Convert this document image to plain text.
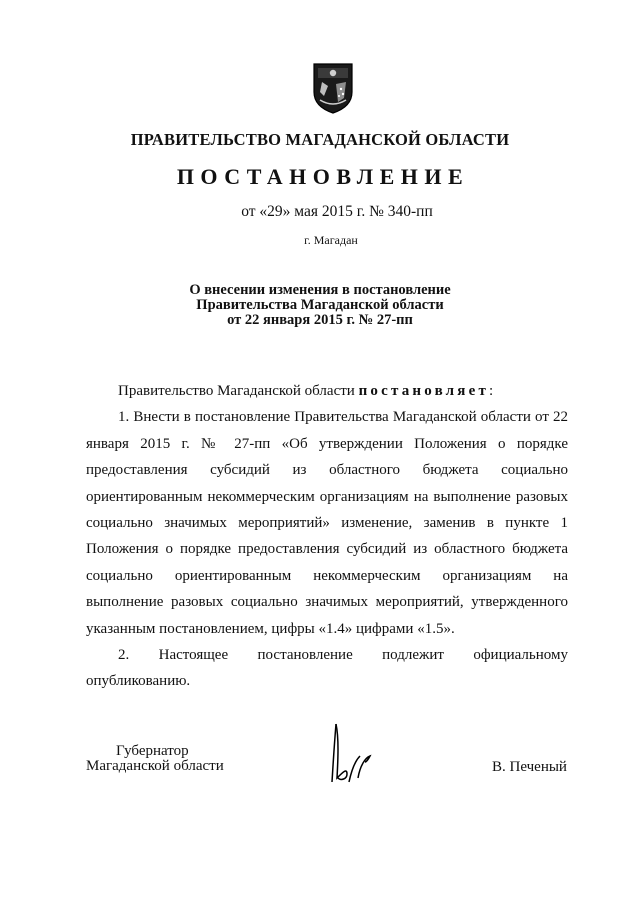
ПРАВИТЕЛЬСТВО МАГАДАНСКОЙ ОБЛАСТИ
ПОСТАНОВЛЕНИЕ
от «29» мая 2015 г. № 340-пп
г. Магадан
О внесении изменения в постановление
Правительства Магаданской области
от 22 января 2015 г. № 27-пп

Правительство Магаданской области постановляет:

1. Внести в постановление Правительства Магаданской области от 22 января 2015 г. № 27-пп «Об утверждении Положения о порядке предоставления субсидий из областного бюджета социально ориентированным некоммерческим организациям на выполнение разовых социально значимых мероприятий» изменение, заменив в пункте 1 Положения о порядке предоставления субсидий из областного бюджета социально ориентированным некоммерческим организациям на выполнение разовых социально значимых мероприятий, утвержденного указанным постановлением, цифры «1.4» цифрами «1.5».

2. Настоящее постановление подлежит официальному

опубликованию.

Губернатор
Магаданской области	В. Печеный
